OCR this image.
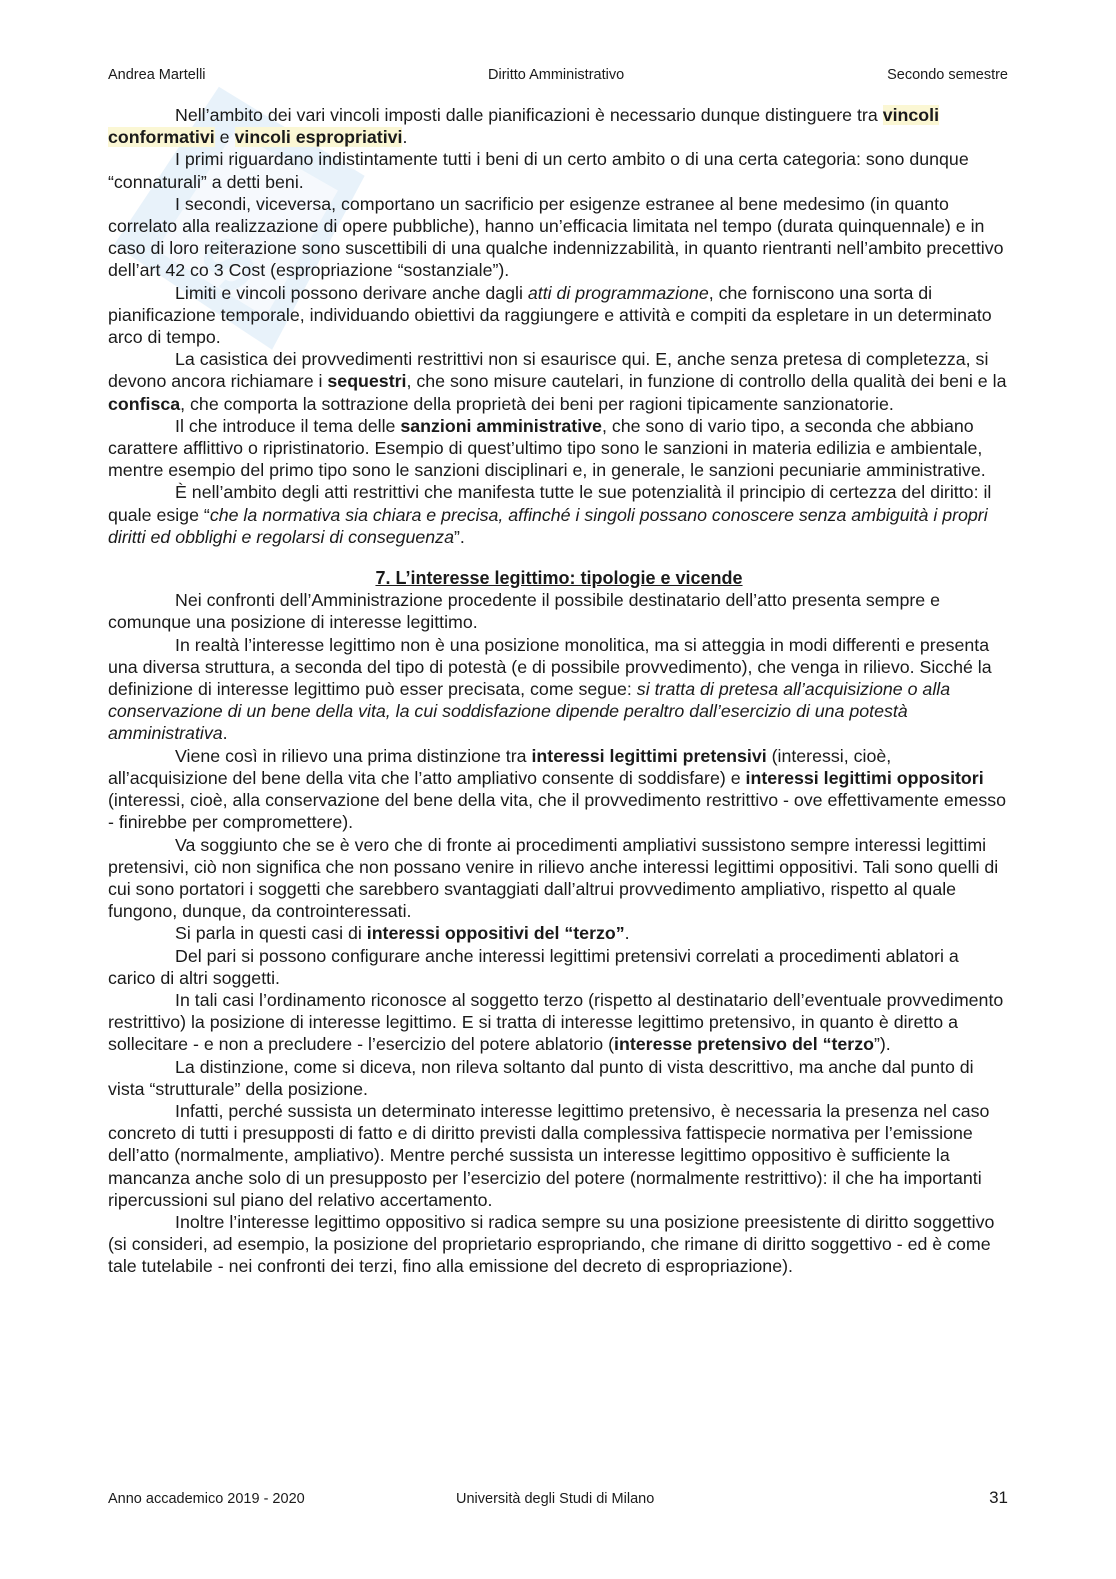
S
Andrea Martelli	Diritto Amministrativo	Secondo semestre

Nell’ambito dei vari vincoli imposti dalle pianificazioni è necessario dunque distinguere tra vincoli conformativi e vincoli espropriativi.

I primi riguardano indistintamente tutti i beni di un certo ambito o di una certa categoria: sono dunque “connaturali” a detti beni.

I secondi, viceversa, comportano un sacrificio per esigenze estranee al bene medesimo (in quanto correlato alla realizzazione di opere pubbliche), hanno un’efficacia limitata nel tempo (durata quinquennale) e in caso di loro reiterazione sono suscettibili di una qualche indennizzabilità, in quanto rientranti nell’ambito precettivo dell’art 42 co 3 Cost (espropriazione “sostanziale”).

Limiti e vincoli possono derivare anche dagli atti di programmazione, che forniscono una sorta di pianificazione temporale, individuando obiettivi da raggiungere e attività e compiti da espletare in un determinato arco di tempo.

La casistica dei provvedimenti restrittivi non si esaurisce qui. E, anche senza pretesa di completezza, si devono ancora richiamare i sequestri, che sono misure cautelari, in funzione di controllo della qualità dei beni e la confisca, che comporta la sottrazione della proprietà dei beni per ragioni tipicamente sanzionatorie.

Il che introduce il tema delle sanzioni amministrative, che sono di vario tipo, a seconda che abbiano carattere afflittivo o ripristinatorio. Esempio di quest’ultimo tipo sono le sanzioni in materia edilizia e ambientale, mentre esempio del primo tipo sono le sanzioni disciplinari e, in generale, le sanzioni pecuniarie amministrative.

È nell’ambito degli atti restrittivi che manifesta tutte le sue potenzialità il principio di certezza del diritto: il quale esige “che la normativa sia chiara e precisa, affinché i singoli possano conoscere senza ambiguità i propri diritti ed obblighi e regolarsi di conseguenza”.

7. L’interesse legittimo: tipologie e vicende

Nei confronti dell’Amministrazione procedente il possibile destinatario dell’atto presenta sempre e comunque una posizione di interesse legittimo.

In realtà l’interesse legittimo non è una posizione monolitica, ma si atteggia in modi differenti e presenta una diversa struttura, a seconda del tipo di potestà (e di possibile provvedimento), che venga in rilievo. Sicché la definizione di interesse legittimo può esser precisata, come segue: si tratta di pretesa all’acquisizione o alla conservazione di un bene della vita, la cui soddisfazione dipende peraltro dall’esercizio di una potestà amministrativa.

Viene così in rilievo una prima distinzione tra interessi legittimi pretensivi (interessi, cioè, all’acquisizione del bene della vita che l’atto ampliativo consente di soddisfare) e interessi legittimi oppositori (interessi, cioè, alla conservazione del bene della vita, che il provvedimento restrittivo - ove effettivamente emesso - finirebbe per compromettere).

Va soggiunto che se è vero che di fronte ai procedimenti ampliativi sussistono sempre interessi legittimi pretensivi, ciò non significa che non possano venire in rilievo anche interessi legittimi oppositivi. Tali sono quelli di cui sono portatori i soggetti che sarebbero svantaggiati dall’altrui provvedimento ampliativo, rispetto al quale fungono, dunque, da controinteressati.

Si parla in questi casi di interessi oppositivi del “terzo”.

Del pari si possono configurare anche interessi legittimi pretensivi correlati a procedimenti ablatori a carico di altri soggetti.

In tali casi l’ordinamento riconosce al soggetto terzo (rispetto al destinatario dell’eventuale provvedimento restrittivo) la posizione di interesse legittimo. E si tratta di interesse legittimo pretensivo, in quanto è diretto a sollecitare - e non a precludere - l’esercizio del potere ablatorio (interesse pretensivo del “terzo”).

La distinzione, come si diceva, non rileva soltanto dal punto di vista descrittivo, ma anche dal punto di vista “strutturale” della posizione.

Infatti, perché sussista un determinato interesse legittimo pretensivo, è necessaria la presenza nel caso concreto di tutti i presupposti di fatto e di diritto previsti dalla complessiva fattispecie normativa per l’emissione dell’atto (normalmente, ampliativo). Mentre perché sussista un interesse legittimo oppositivo è sufficiente la mancanza anche solo di un presupposto per l’esercizio del potere (normalmente restrittivo): il che ha importanti ripercussioni sul piano del relativo accertamento.

Inoltre l’interesse legittimo oppositivo si radica sempre su una posizione preesistente di diritto soggettivo (si consideri, ad esempio, la posizione del proprietario espropriando, che rimane di diritto soggettivo - ed è come tale tutelabile - nei confronti dei terzi, fino alla emissione del decreto di espropriazione).

Anno accademico 2019 - 2020	Università degli Studi di Milano	31
